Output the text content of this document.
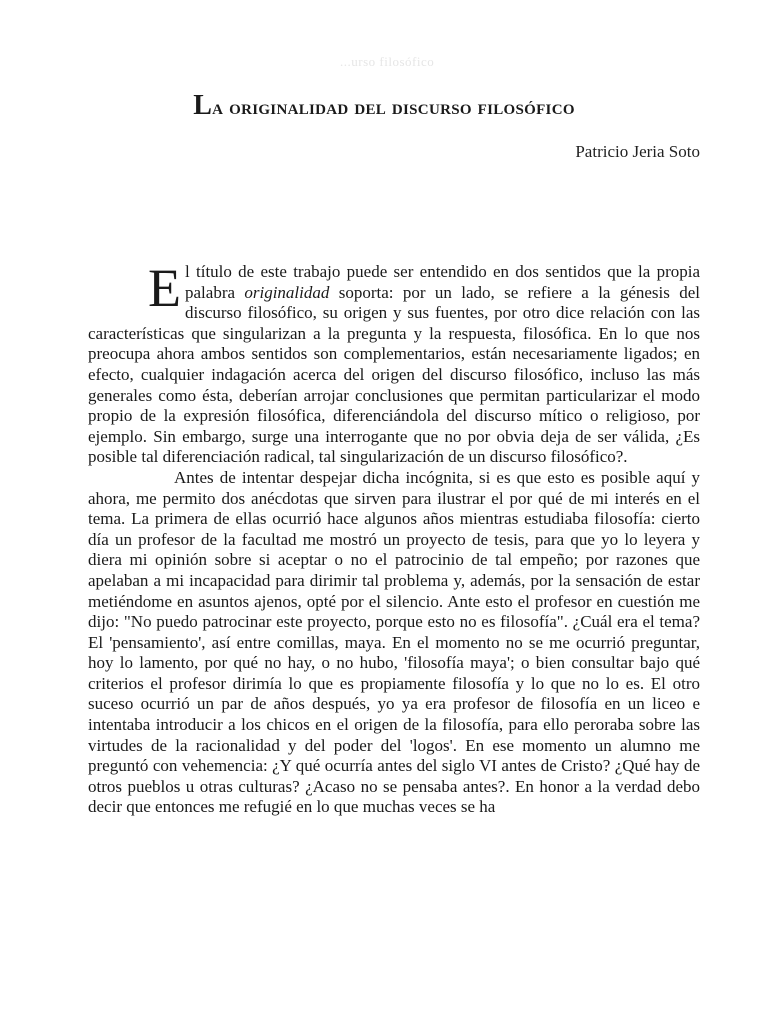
...urso filosófico
La originalidad del discurso filosófico
Patricio Jeria Soto

El título de este trabajo puede ser entendido en dos sentidos que la propia palabra originalidad soporta: por un lado, se refiere a la génesis del discurso filosófico, su origen y sus fuentes, por otro dice relación con las características que singularizan a la pregunta y la respuesta, filosófica. En lo que nos preocupa ahora ambos sentidos son complementarios, están necesariamente ligados; en efecto, cualquier indagación acerca del origen del discurso filosófico, incluso las más generales como ésta, deberían arrojar conclusiones que permitan particularizar el modo propio de la expresión filosófica, diferenciándola del discurso mítico o religioso, por ejemplo. Sin embargo, surge una interrogante que no por obvia deja de ser válida, ¿Es posible tal diferenciación radical, tal singularización de un discurso filosófico?.

Antes de intentar despejar dicha incógnita, si es que esto es posible aquí y ahora, me permito dos anécdotas que sirven para ilustrar el por qué de mi interés en el tema. La primera de ellas ocurrió hace algunos años mientras estudiaba filosofía: cierto día un profesor de la facultad me mostró un proyecto de tesis, para que yo lo leyera y diera mi opinión sobre si aceptar o no el patrocinio de tal empeño; por razones que apelaban a mi incapacidad para dirimir tal problema y, además, por la sensación de estar metiéndome en asuntos ajenos, opté por el silencio. Ante esto el profesor en cuestión me dijo: "No puedo patrocinar este proyecto, porque esto no es filosofía". ¿Cuál era el tema? El 'pensamiento', así entre comillas, maya. En el momento no se me ocurrió preguntar, hoy lo lamento, por qué no hay, o no hubo, 'filosofía maya'; o bien consultar bajo qué criterios el profesor dirimía lo que es propiamente filosofía y lo que no lo es. El otro suceso ocurrió un par de años después, yo ya era profesor de filosofía en un liceo e intentaba introducir a los chicos en el origen de la filosofía, para ello peroraba sobre las virtudes de la racionalidad y del poder del 'logos'. En ese momento un alumno me preguntó con vehemencia: ¿Y qué ocurría antes del siglo VI antes de Cristo? ¿Qué hay de otros pueblos u otras culturas? ¿Acaso no se pensaba antes?. En honor a la verdad debo decir que entonces me refugié en lo que muchas veces se ha
